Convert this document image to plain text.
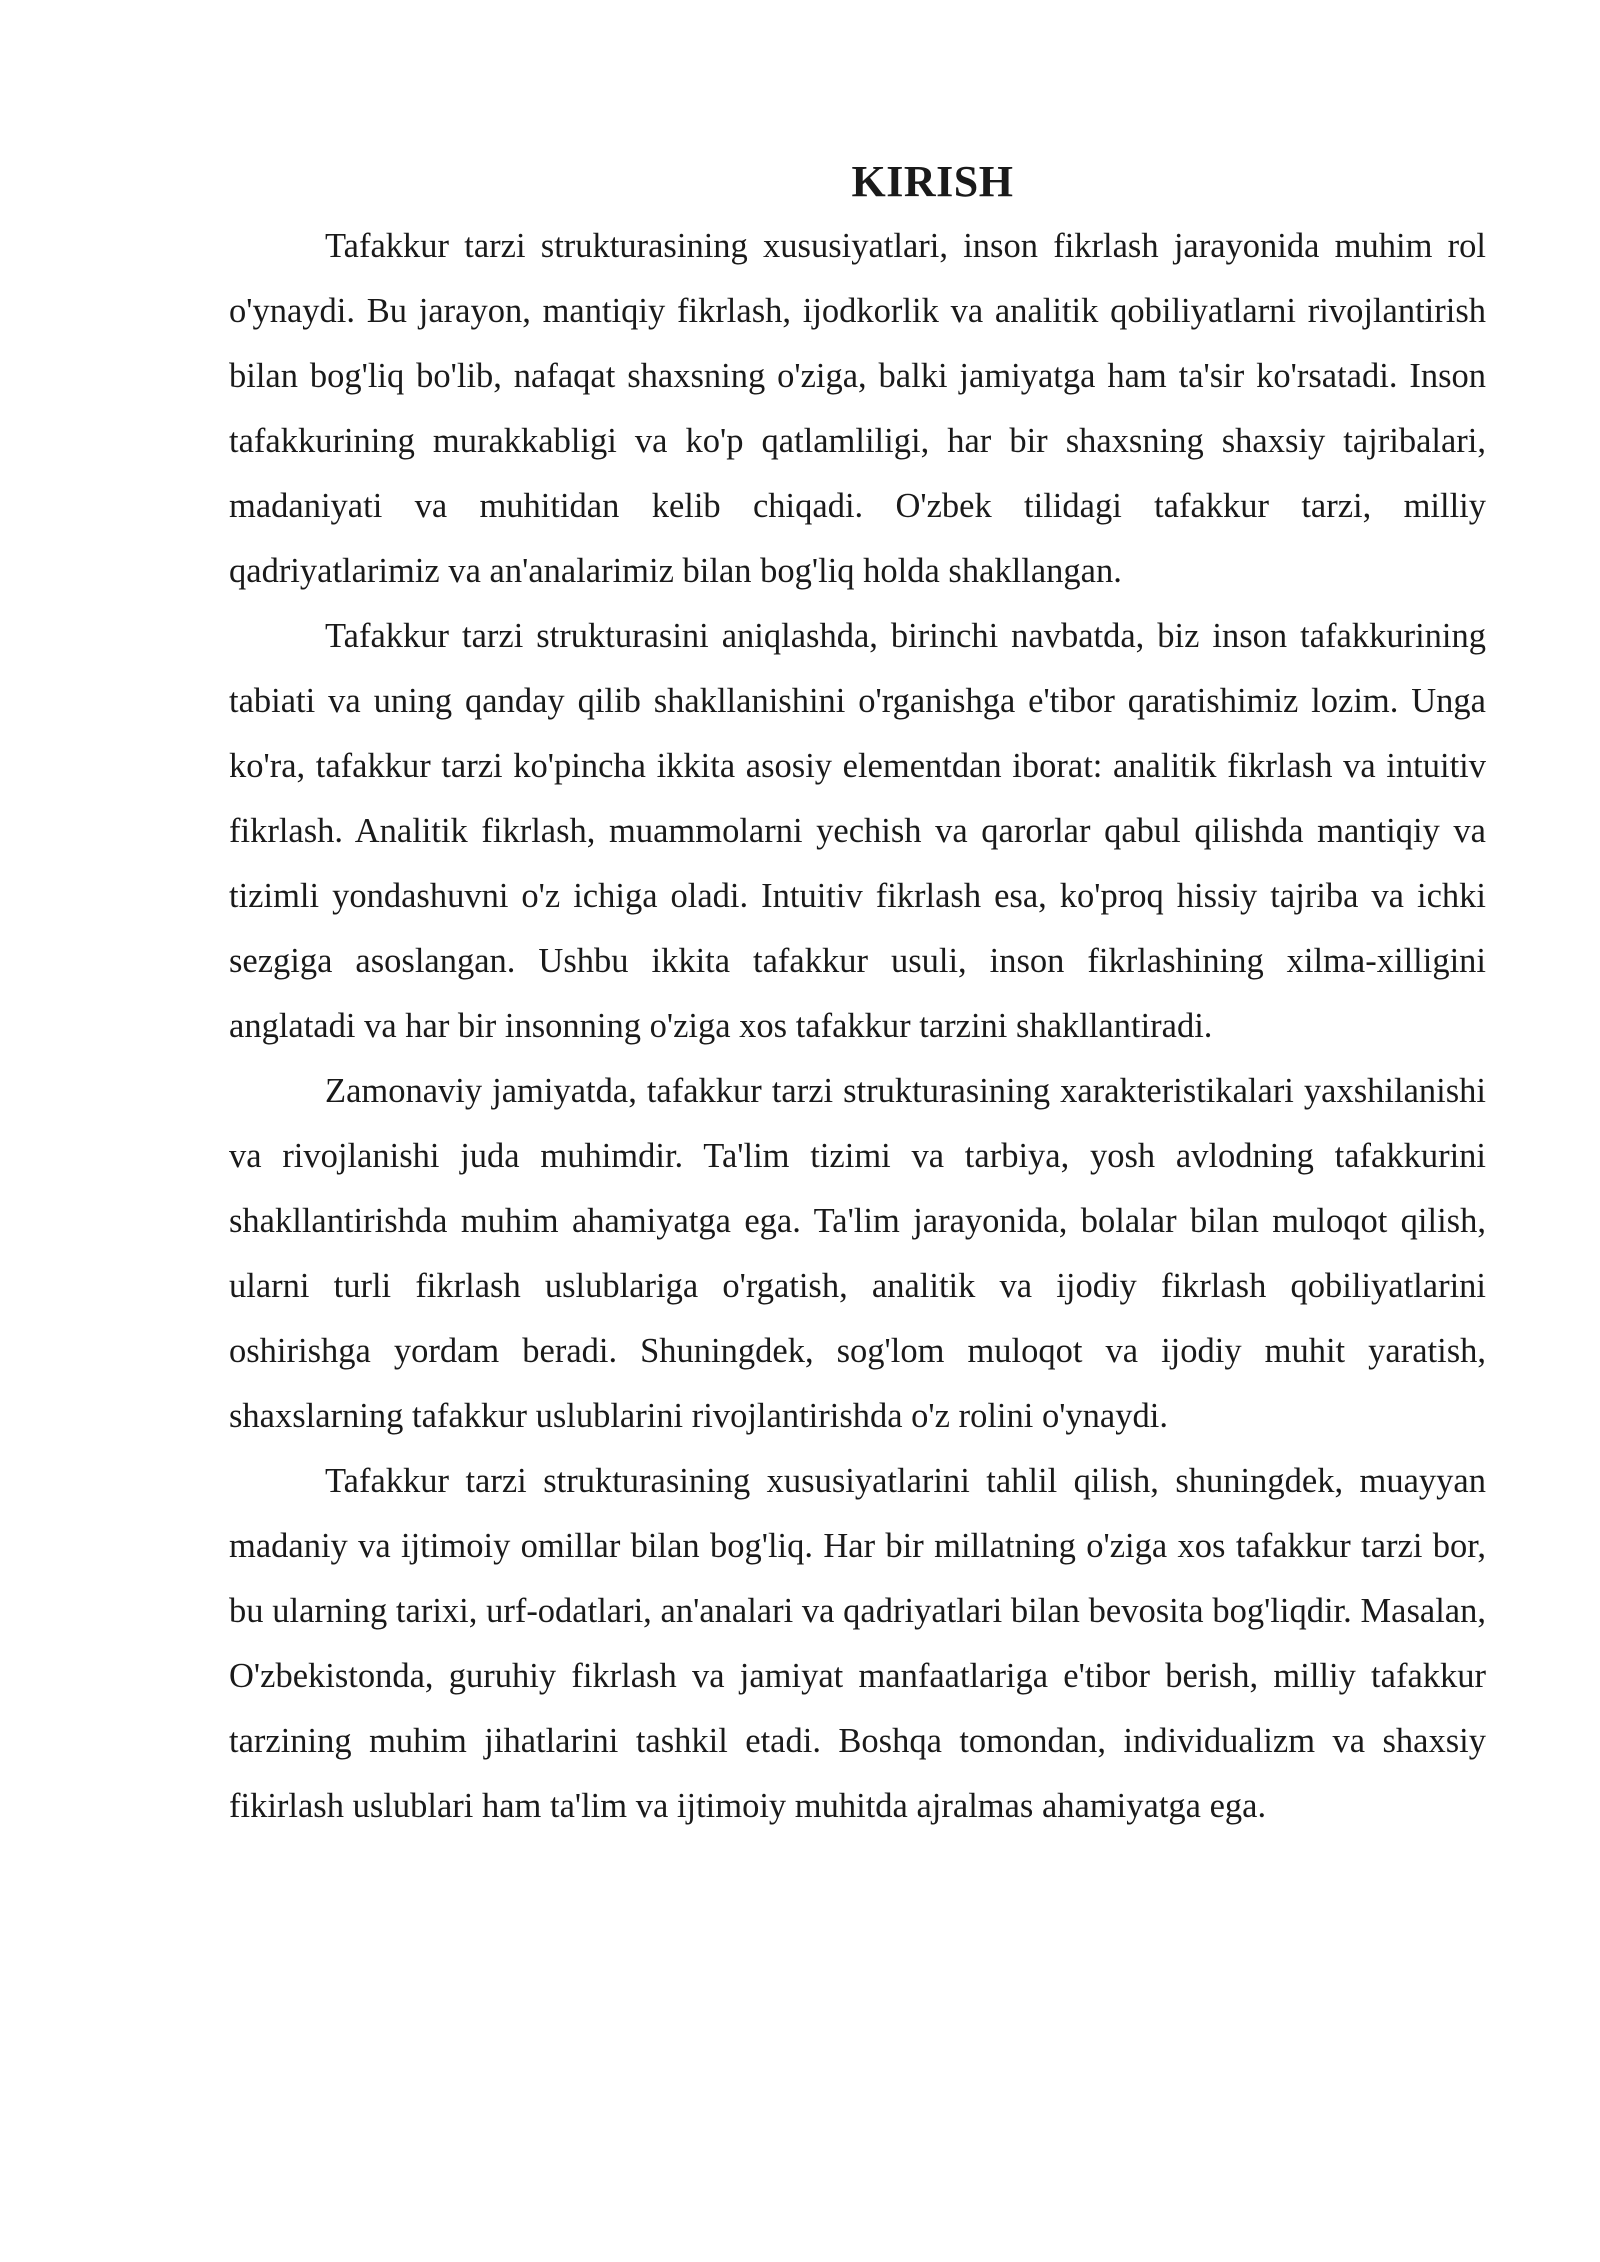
KIRISH

Tafakkur tarzi strukturasining xususiyatlari, inson fikrlash jarayonida muhim rol o'ynaydi. Bu jarayon, mantiqiy fikrlash, ijodkorlik va analitik qobiliyatlarni rivojlantirish bilan bog'liq bo'lib, nafaqat shaxsning o'ziga, balki jamiyatga ham ta'sir ko'rsatadi. Inson tafakkurining murakkabligi va ko'p qatlamliligi, har bir shaxsning shaxsiy tajribalari, madaniyati va muhitidan kelib chiqadi. O'zbek tilidagi tafakkur tarzi, milliy qadriyatlarimiz va an'analarimiz bilan bog'liq holda shakllangan.

Tafakkur tarzi strukturasini aniqlashda, birinchi navbatda, biz inson tafakkurining tabiati va uning qanday qilib shakllanishini o'rganishga e'tibor qaratishimiz lozim. Unga ko'ra, tafakkur tarzi ko'pincha ikkita asosiy elementdan iborat: analitik fikrlash va intuitiv fikrlash. Analitik fikrlash, muammolarni yechish va qarorlar qabul qilishda mantiqiy va tizimli yondashuvni o'z ichiga oladi. Intuitiv fikrlash esa, ko'proq hissiy tajriba va ichki sezgiga asoslangan. Ushbu ikkita tafakkur usuli, inson fikrlashining xilma-xilligini anglatadi va har bir insonning o'ziga xos tafakkur tarzini shakllantiradi.

Zamonaviy jamiyatda, tafakkur tarzi strukturasining xarakteristikalari yaxshilanishi va rivojlanishi juda muhimdir. Ta'lim tizimi va tarbiya, yosh avlodning tafakkurini shakllantirishda muhim ahamiyatga ega. Ta'lim jarayonida, bolalar bilan muloqot qilish, ularni turli fikrlash uslublariga o'rgatish, analitik va ijodiy fikrlash qobiliyatlarini oshirishga yordam beradi. Shuningdek, sog'lom muloqot va ijodiy muhit yaratish, shaxslarning tafakkur uslublarini rivojlantirishda o'z rolini o'ynaydi.

Tafakkur tarzi strukturasining xususiyatlarini tahlil qilish, shuningdek, muayyan madaniy va ijtimoiy omillar bilan bog'liq. Har bir millatning o'ziga xos tafakkur tarzi bor, bu ularning tarixi, urf-odatlari, an'analari va qadriyatlari bilan bevosita bog'liqdir. Masalan, O'zbekistonda, guruhiy fikrlash va jamiyat manfaatlariga e'tibor berish, milliy tafakkur tarzining muhim jihatlarini tashkil etadi. Boshqa tomondan, individualizm va shaxsiy fikirlash uslublari ham ta'lim va ijtimoiy muhitda ajralmas ahamiyatga ega.
